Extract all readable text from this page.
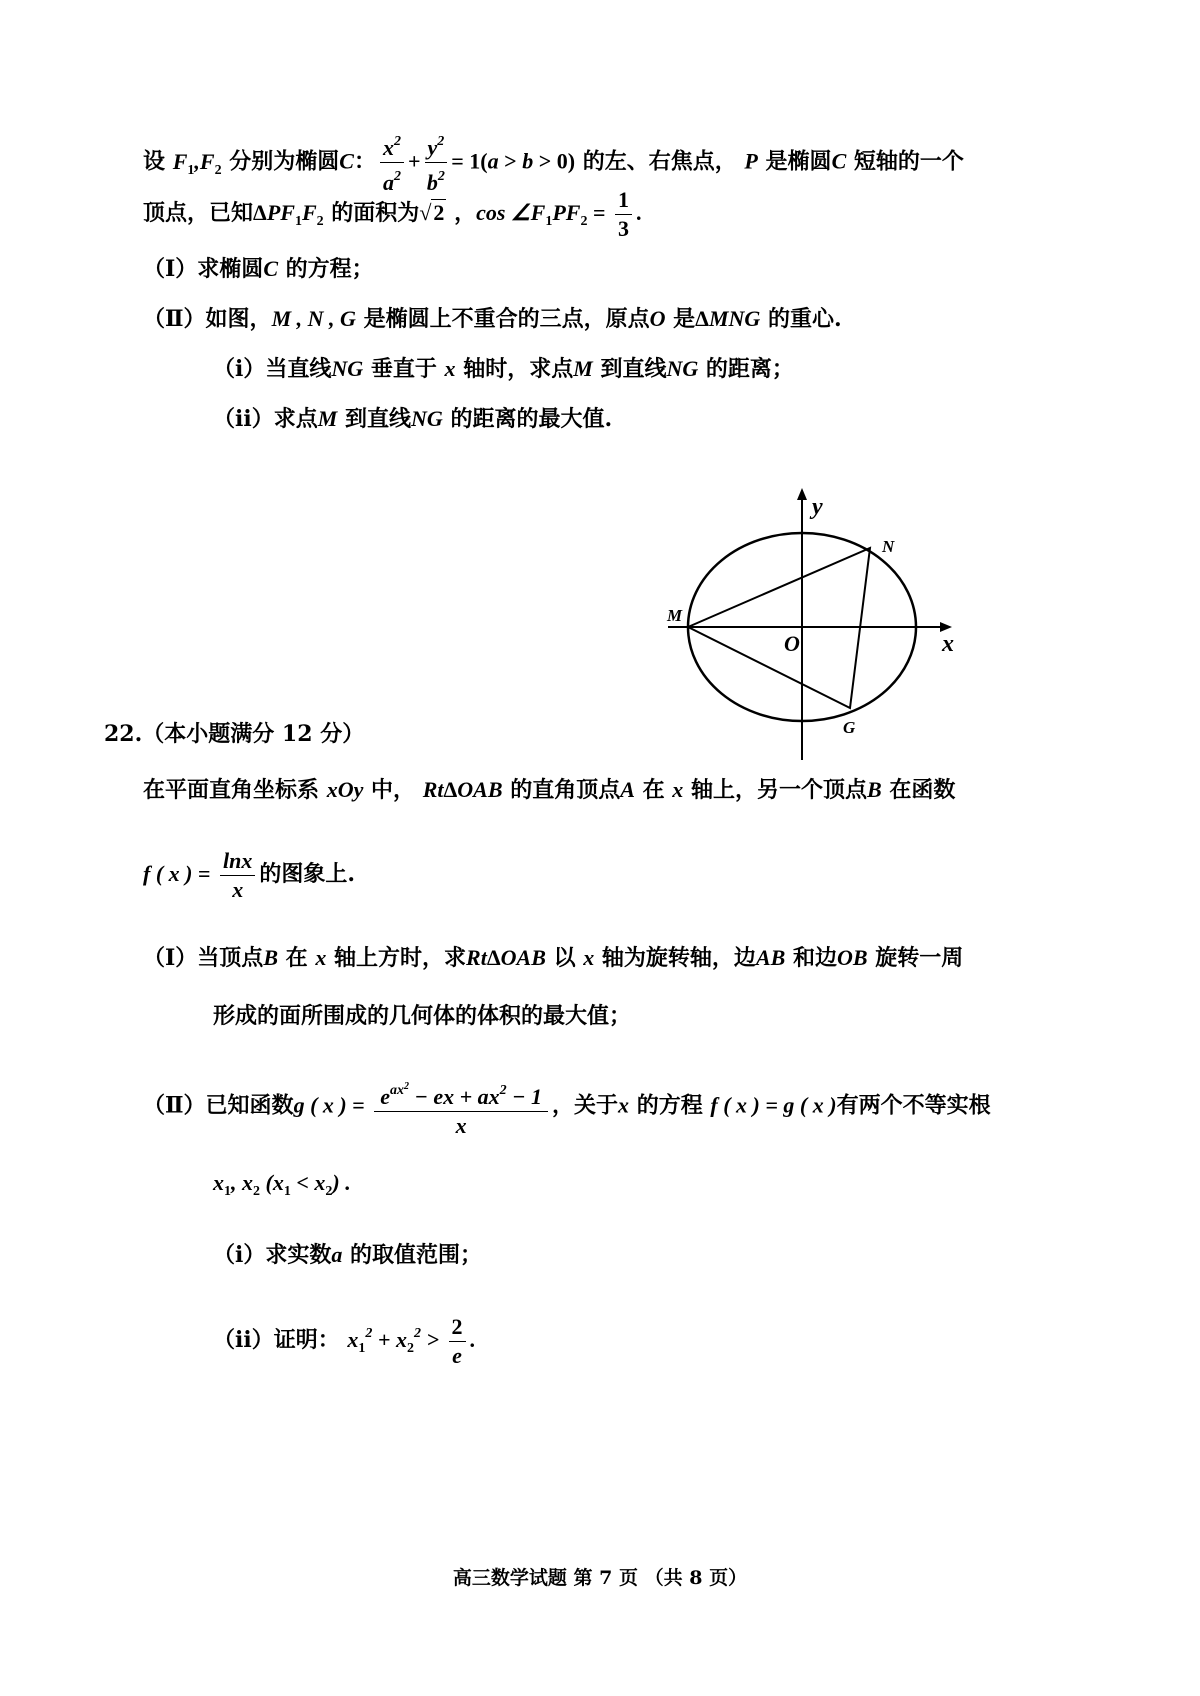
设 $F_1,F_2$ 分别为椭圆C： $\frac{x^2}{a^2} + \frac{y^2}{b^2} = 1(a > b > 0)$ 的左、右焦点， P 是椭圆C 短轴的一个
顶点，已知$\Delta PF_1F_2$ 的面积为√2 ，$\cos \angle F_1PF_2 = \frac{1}{3}$ .
（Ⅰ）求椭圆C 的方程；
（Ⅱ）如图，M , N , G 是椭圆上不重合的三点，原点O 是ΔMNG 的重心.
（ⅰ）当直线NG 垂直于 x 轴时，求点M 到直线NG 的距离；
（ⅱ）求点M 到直线NG 的距离的最大值.
y
x
O
M
N
G
22.（本小题满分 12 分）
在平面直角坐标系 xOy 中， RtΔOAB 的直角顶点A 在 x 轴上，另一个顶点B 在函数
f ( x ) = $\frac{\ln x}{x}$ 的图象上.
（Ⅰ）当顶点B 在 x 轴上方时，求RtΔOAB 以 x 轴为旋转轴，边AB 和边OB 旋转一周
形成的面所围成的几何体的体积的最大值；
（Ⅱ）已知函数g ( x ) = $\frac{e^{ax^2} - ex + ax^2 - 1}{x}$ ，关于x 的方程 f ( x ) = g ( x )有两个不等实根
$x_1$, $x_2$ $(x_1 < x_2)$ .
（ⅰ）求实数a 的取值范围；
（ⅱ）证明： $x_1^2 + x_2^2 > \frac{2}{e}$ .
高三数学试题 第 7 页 （共 8 页）
